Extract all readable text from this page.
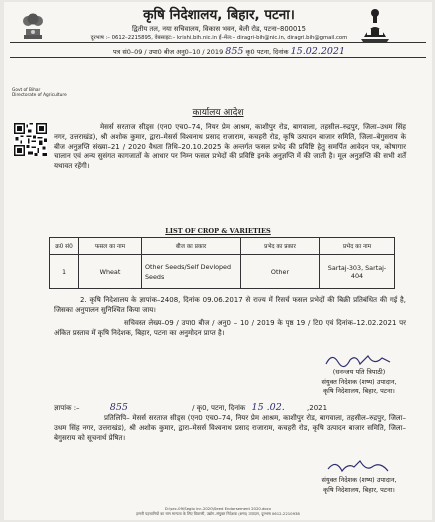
कृषि निदेशालय, बिहार, पटना।
द्वितीय तल, नया सचिवालय, विकास भवन, बेली रोड, पटना–800015
दूरभाष :– 0612–2215895, वेबसाइट:– krishi.bih.nic.in ई–मेल:– diragri-bih@nic.in, diragri.bih@gmail.com
पत्र सं0–09 / उपा0 बीज अनु0–10 / 2019 855 कृ0 पटना, दिनांक 15.02.2021
Govt of Bihar
Directorate of Agriculture
कार्यालय आदेश
मेसर्स सरताज सीड्स (एन0 एच0–74, नियर प्रेम आश्रम, काशीपुर रोड, बागवाला, तहसील–रुद्रपुर, जिला–उधम सिंह नगर, उत्तराखंड), श्री अशोक कुमार, द्वारा–मेसर्स विश्वनाथ प्रसाद राजाराम, कचहरी रोड, कृषि उत्पादन बाजार समिति, जिला–बेगुसराय के बीज अनुज्ञप्ति संख्या–21 / 2020 वैधता तिथि–20.10.2025 के अन्तर्गत फसल प्रभेद की प्रविष्टि हेतु समर्पित आवेदन पत्र, कोषागार चालान एवं अन्य सुसंगत कागजातों के आधार पर निम्न फसल प्रभेदों की प्रविष्टि इनके अनुज्ञप्ति में की जाती है। मूल अनुज्ञप्ति की सभी शर्तें यथावत रहेंगी।
LIST OF CROP & VARIETIES
क्र0 सं0	फसल का नाम	बीज का प्रकार	प्रभेद का प्रकार	प्रभेद का नाम
1	Wheat	Other Seeds/Self Devloped Seeds	Other	Sartaj-303, Sartaj-404
2. कृषि निदेशालय के ज्ञापांक–2408, दिनांक 09.06.2017 से राज्य में रिसर्च फसल प्रभेदों की बिक्री प्रतिबंधित की गई है, जिसका अनुपालन सुनिश्चित किया जाय।
सचिवस्त लेख्य–09 / उपा0 बीज / अनु0 – 10 / 2019 के पृष्ठ 19 / टि0 एवं दिनांक–12.02.2021 पर अंकित प्रस्ताव में कृषि निदेशक, बिहार, पटना का अनुमोदन प्राप्त है।
(धनन्जय पति त्रिपाठी)
संयुक्त निदेशक (शष्य) उपादान,
कृषि निदेशालय, बिहार, पटना।
ज्ञापांक :–	855	/ कृ0, पटना, दिनांक 15 .02.	,2021
प्रतिलिपि– मेसर्स सरताज सीड्स (एन0 एच0–74, नियर प्रेम आश्रम, काशीपुर रोड, बागवाला, तहसील–रुद्रपुर, जिला–उधम सिंह नगर, उत्तराखंड), श्री अशोक कुमार, द्वारा–मेसर्स विश्वनाथ प्रसाद राजाराम, कचहरी रोड, कृषि उत्पादन बाजार समिति, जिला–बेगुसराय को सूचनार्थ प्रेषित।
संयुक्त निदेशक (शष्य) उपादान,
कृषि निदेशालय, बिहार, पटना।
D:\sec-09\Seglo inr–2020\Seed Endorsement 2020.docx
हमारी पहचानियों का नाम मान्यता के लिए विवरणी, उद्योग–संयुक्त निदेशक (शष्य) उपादान, दूरभाष 0612-2210938
